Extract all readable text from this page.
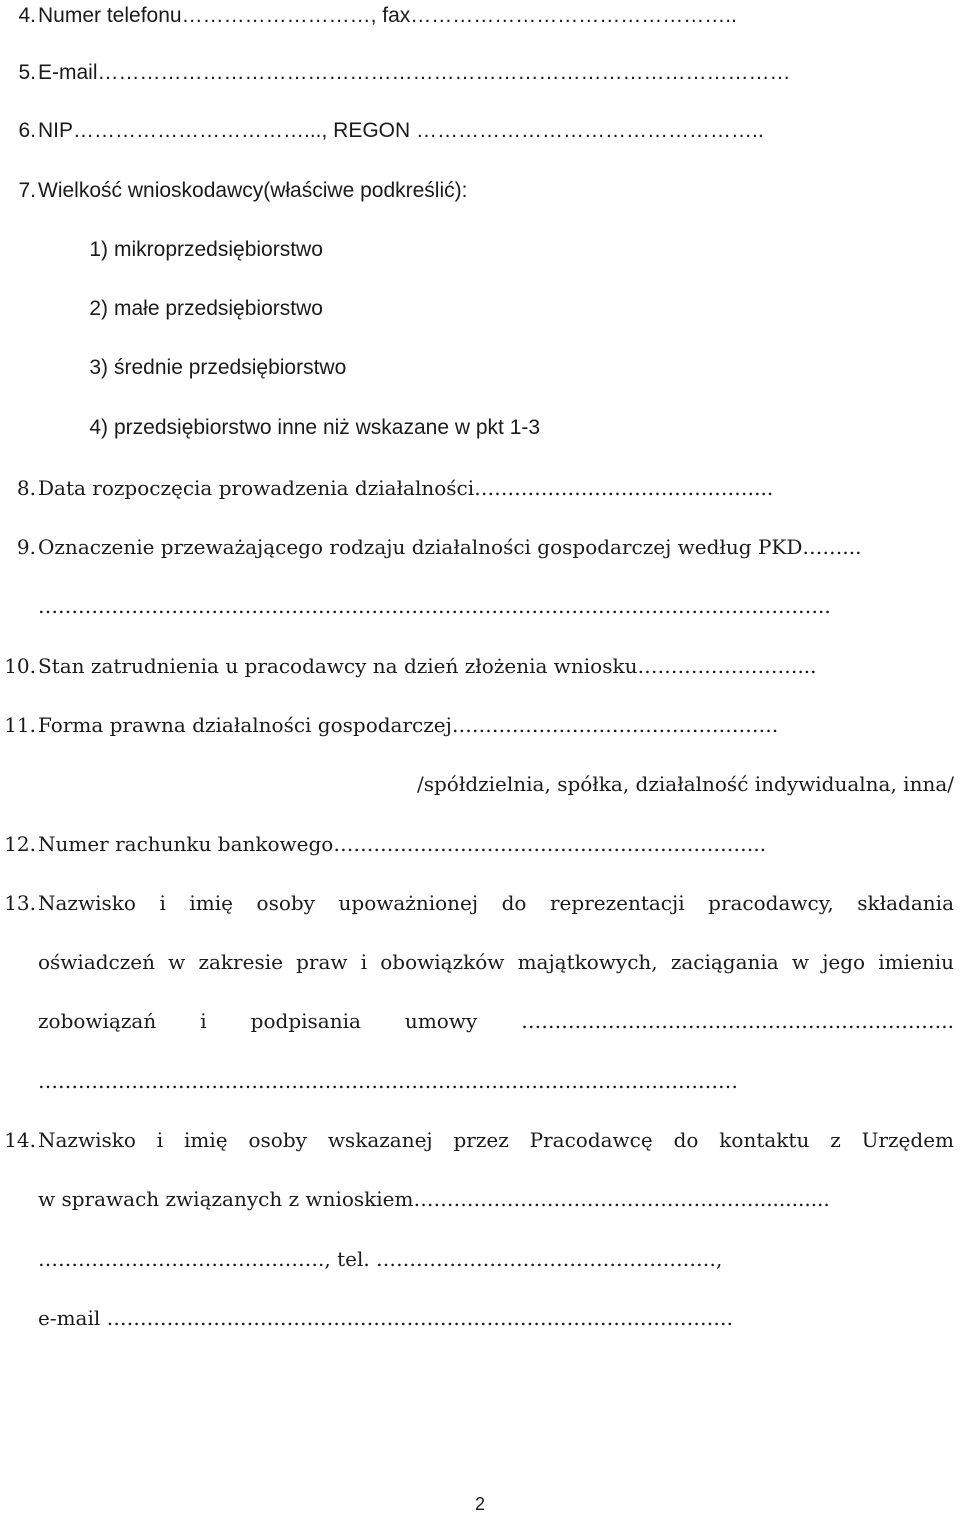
4. Numer telefonu………………………, fax………………………………………..
5. E-mail………………………………………………………………………………………
6. NIP……………………………..., REGON …………………………………………..
7. Wielkość wnioskodawcy(właściwe podkreślić):
1) mikroprzedsiębiorstwo
2) małe przedsiębiorstwo
3) średnie przedsiębiorstwo
4) przedsiębiorstwo inne niż wskazane w pkt 1-3
8. Data rozpoczęcia prowadzenia działalności……………………………………...
9. Oznaczenie przeważającego rodzaju działalności gospodarczej według PKD……...
………………………………………………………………………………………………………..
10. Stan zatrudnienia u pracodawcy na dzień złożenia wniosku……………………...
11. Forma prawna działalności gospodarczej………………………………………….
/spółdzielnia, spółka, działalność indywidualna, inna/
12. Numer rachunku bankowego………………………………………………………..
13. Nazwisko i imię osoby upoważnionej do reprezentacji pracodawcy, składania
oświadczeń w zakresie praw i obowiązków majątkowych, zaciągania w jego imieniu
zobowiązań i podpisania umowy ………………………………………………………..
……………………………………………………………………………………………
14. Nazwisko i imię osoby wskazanej przez Pracodawcę do kontaktu z Urzędem
w sprawach związanych z wnioskiem……………………………………………............
……………………………………., tel. ……………………………………………,
e-mail ………………………………………………………………………………….
2
